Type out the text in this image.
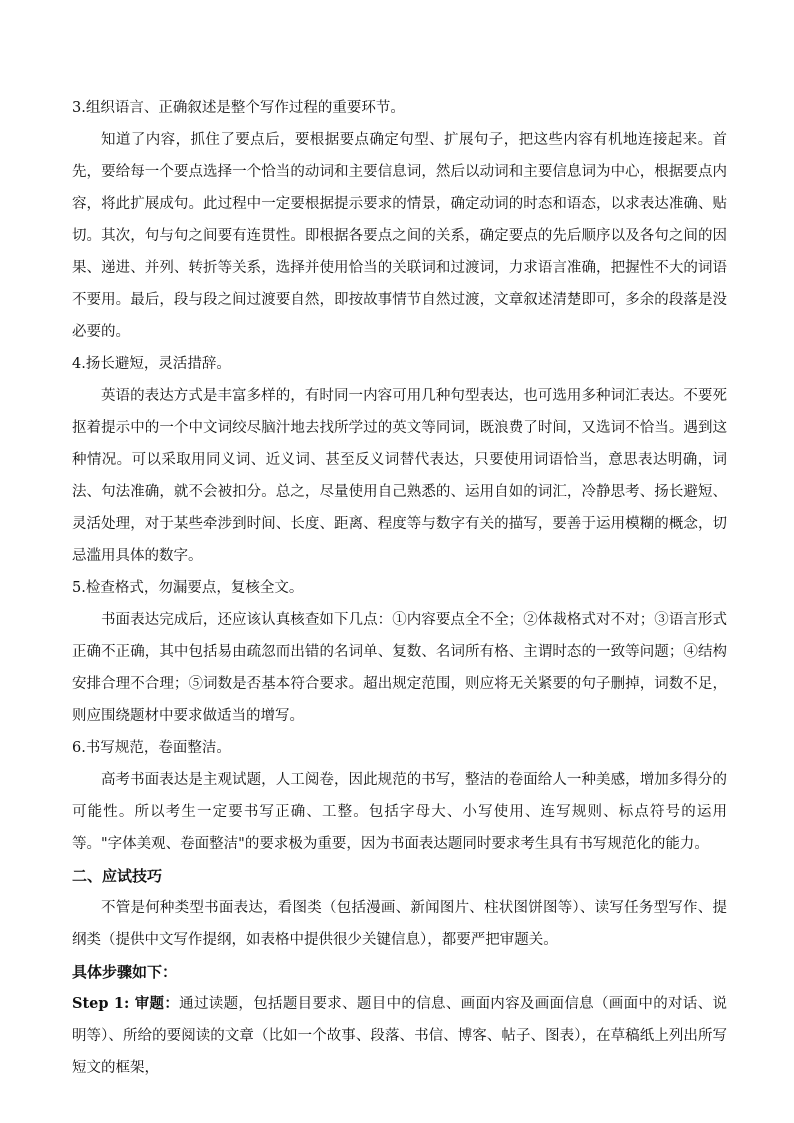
3.组织语言、正确叙述是整个写作过程的重要环节。

知道了内容，抓住了要点后，要根据要点确定句型、扩展句子，把这些内容有机地连接起来。首先，要给每一个要点选择一个恰当的动词和主要信息词，然后以动词和主要信息词为中心，根据要点内容，将此扩展成句。此过程中一定要根据提示要求的情景，确定动词的时态和语态，以求表达准确、贴切。其次，句与句之间要有连贯性。即根据各要点之间的关系，确定要点的先后顺序以及各句之间的因果、递进、并列、转折等关系，选择并使用恰当的关联词和过渡词，力求语言准确，把握性不大的词语不要用。最后，段与段之间过渡要自然，即按故事情节自然过渡，文章叙述清楚即可，多余的段落是没必要的。

4.扬长避短，灵活措辞。

英语的表达方式是丰富多样的，有时同一内容可用几种句型表达，也可选用多种词汇表达。不要死抠着提示中的一个中文词绞尽脑汁地去找所学过的英文等同词，既浪费了时间，又选词不恰当。遇到这种情况。可以采取用同义词、近义词、甚至反义词替代表达，只要使用词语恰当，意思表达明确，词法、句法准确，就不会被扣分。总之，尽量使用自己熟悉的、运用自如的词汇，冷静思考、扬长避短、灵活处理，对于某些牵涉到时间、长度、距离、程度等与数字有关的描写，要善于运用模糊的概念，切忌滥用具体的数字。

5.检查格式，勿漏要点，复核全文。

书面表达完成后，还应该认真核查如下几点：①内容要点全不全；②体裁格式对不对；③语言形式正确不正确，其中包括易由疏忽而出错的名词单、复数、名词所有格、主谓时态的一致等问题；④结构安排合理不合理；⑤词数是否基本符合要求。超出规定范围，则应将无关紧要的句子删掉，词数不足，则应围绕题材中要求做适当的增写。

6.书写规范，卷面整洁。

高考书面表达是主观试题，人工阅卷，因此规范的书写，整洁的卷面给人一种美感，增加多得分的可能性。所以考生一定要书写正确、工整。包括字母大、小写使用、连写规则、标点符号的运用等。"字体美观、卷面整洁"的要求极为重要，因为书面表达题同时要求考生具有书写规范化的能力。

二、应试技巧

不管是何种类型书面表达，看图类（包括漫画、新闻图片、柱状图饼图等）、读写任务型写作、提纲类（提供中文写作提纲，如表格中提供很少关键信息），都要严把审题关。

具体步骤如下：

Step 1: 审题：通过读题，包括题目要求、题目中的信息、画面内容及画面信息（画面中的对话、说明等）、所给的要阅读的文章（比如一个故事、段落、书信、博客、帖子、图表），在草稿纸上列出所写短文的框架，
